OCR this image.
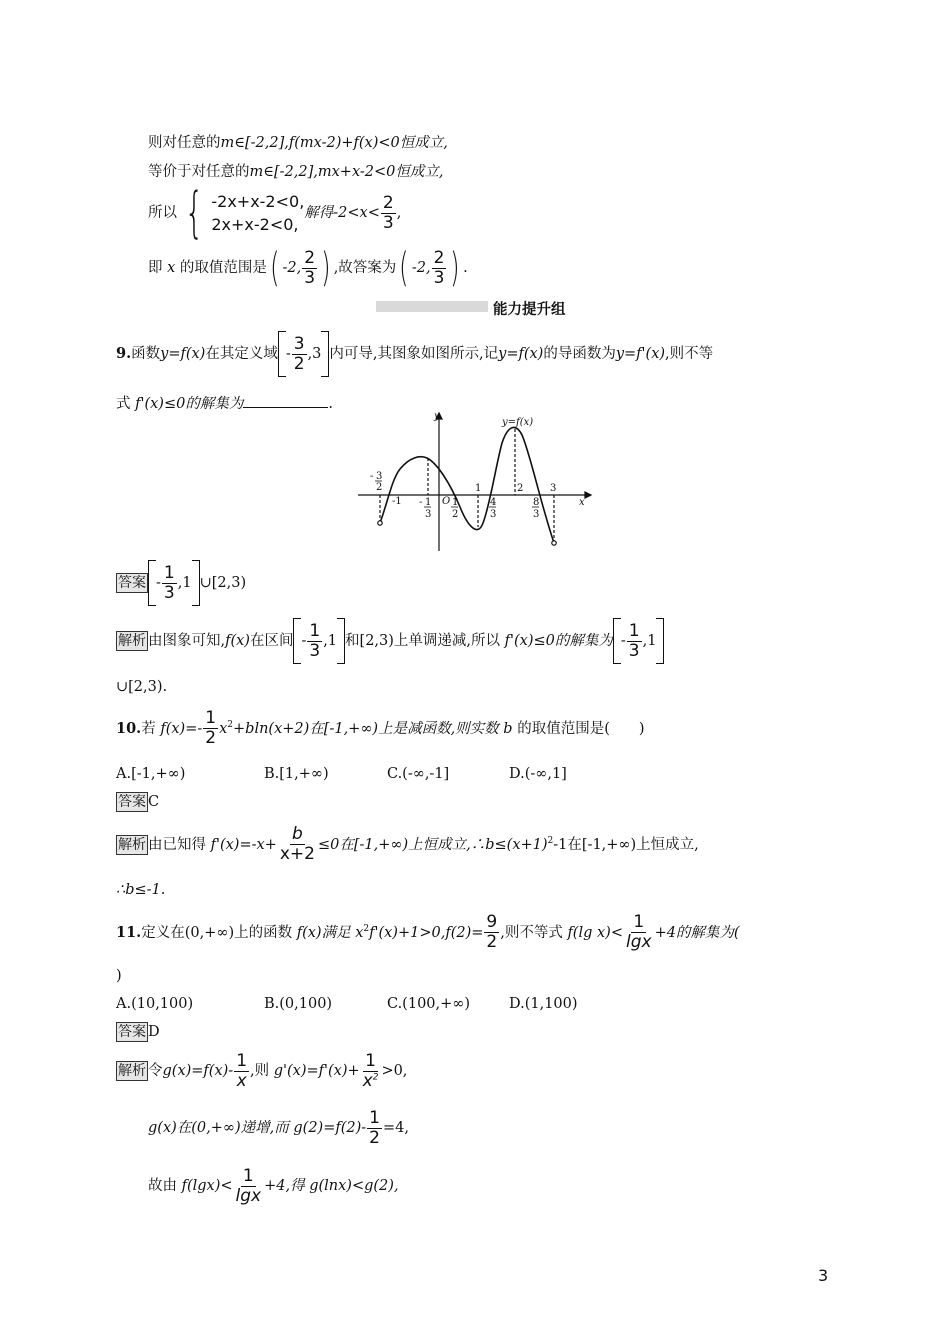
则对任意的m∈[-2,2],f(mx-2)+f(x)<0恒成立,
等价于对任意的m∈[-2,2],mx+x-2<0恒成立,
所以 { -2x+x-2<0,
2x+x-2<0,
解得$-2<x< \frac{2}{3}$ ,
即 x 的取值范围是( -2, $\frac{2}{3}$ ) ,故答案为( -2, $\frac{2}{3}$ ) .
能力提升组
9.函数y=f(x)在其定义域 - $\frac{3}{2} ,3$ 内可导,其图象如图所示,记y=f(x)的导函数为y=f'(x),则不等
式 f'(x)≤0的解集为	.
y
x
y=f(x)
O
-1
1	2	3
- 3
2
- 1
3
1
2
4
3
8
3
答案 - $\frac{1}{3} ,1$ ∪[2,3)
解析 由图象可知,f(x)在区间 - $\frac{1}{3} ,1$ 和[2,3)上单调递减,所以 f'(x)≤0的解集为 - $\frac{1}{3} ,1$
∪[2,3).
10.若 $f(x)=- \frac{1}{2} x^2+bln(x+2)$在[-1,+∞)上是减函数,则实数 b 的取值范围是(　　)
A.[-1,+∞)	B.[1,+∞)	C.(-∞,-1]	D.(-∞,1]
答案 C
解析 由已知得 $f'(x)=-x+ \frac{b}{x+2} \le 0$在[-1,+∞)上恒成立$,\therefore b\le(x+1)^2-1$在[-1,+∞)上恒成立,
∴b≤-1.
11.定义在(0,+∞)上的函数 f(x)满足 $x^2f'(x)+1>0,f(2)= \frac{9}{2}$ ,则不等式 f(lg $x)< \frac{1}{\lg x} +4$的解集为(
)
A.(10,100)	B.(0,100)	C.(100,+∞)	D.(1,100)
答案 D
解析 令$g(x)=f(x)- \frac{1}{x}$ ,则 $g'(x)=f'(x)+ \frac{1}{x^2} >0$,
g(x)在(0,+∞)递增,而 $g(2)=f(2)- \frac{1}{2} =4$,
故由 $f(\lg x)< \frac{1}{\lg x} +4$,得 g(lnx)<g(2),
3
